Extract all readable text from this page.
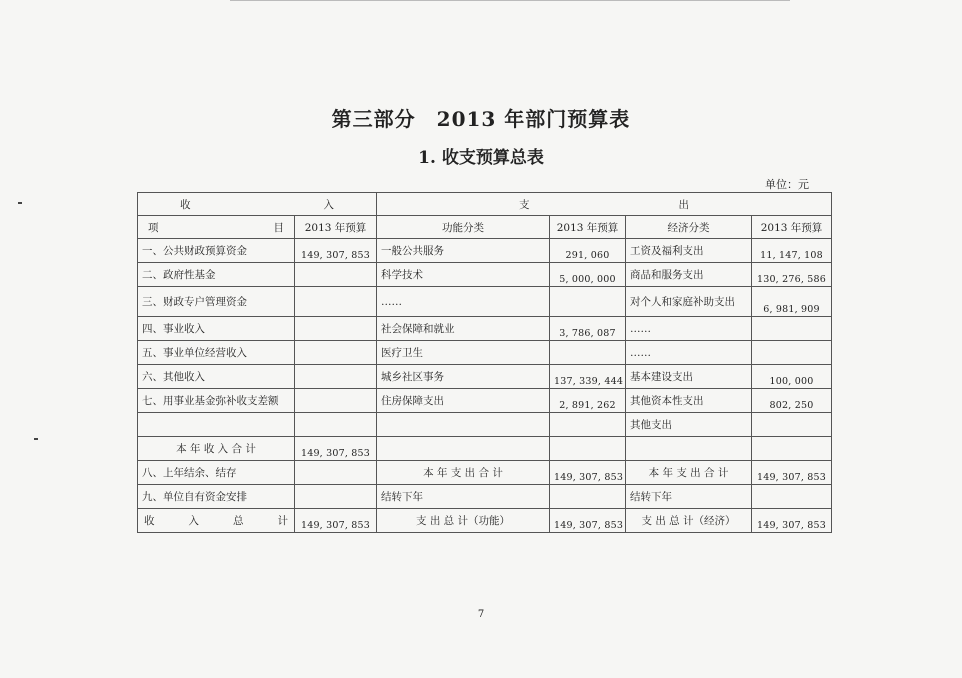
第三部分　2013 年部门预算表
1. 收支预算总表
单位：元
收 入		支 出			

项 目	2013 年预算	功能分类	2013 年预算	经济分类	2013 年预算
一、公共财政预算资金	149, 307, 853	一般公共服务	291, 060	工资及福利支出	11, 147, 108
二、政府性基金		科学技术	5, 000, 000	商品和服务支出	130, 276, 586
三、财政专户管理资金		……		对个人和家庭补助支出	6, 981, 909
四、事业收入		社会保障和就业	3, 786, 087	……	
五、事业单位经营收入		医疗卫生		……	
六、其他收入		城乡社区事务	137, 339, 444	基本建设支出	100, 000
七、用事业基金弥补收支差额		住房保障支出	2, 891, 262	其他资本性支出	802, 250
				其他支出	
本 年 收 入 合 计	149, 307, 853				
八、上年结余、结存		本 年 支 出 合 计	149, 307, 853	本 年 支 出 合 计	149, 307, 853
九、单位自有资金安排		结转下年		结转下年	

收 入 总 计	149, 307, 853	支 出 总 计（功能）	149, 307, 853	支 出 总 计（经济）	149, 307, 853
7
